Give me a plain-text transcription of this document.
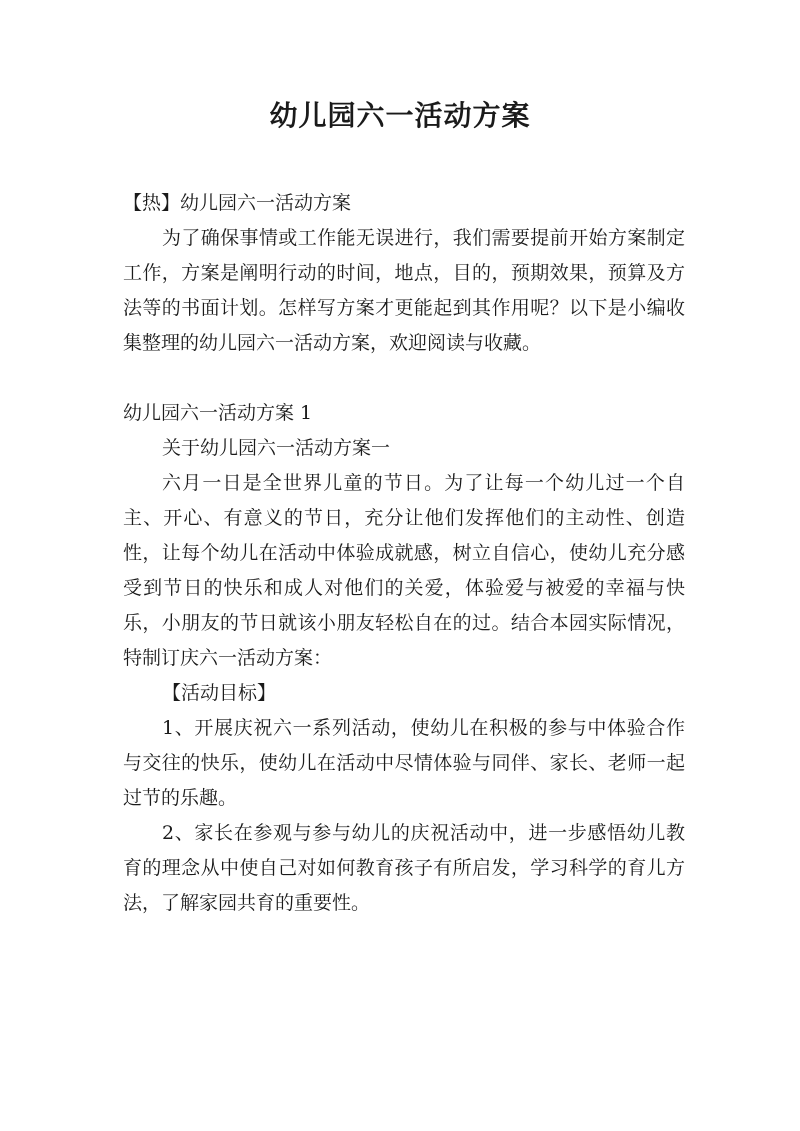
幼儿园六一活动方案

【热】幼儿园六一活动方案

为了确保事情或工作能无误进行，我们需要提前开始方案制定工作，方案是阐明行动的时间，地点，目的，预期效果，预算及方法等的书面计划。怎样写方案才更能起到其作用呢？以下是小编收集整理的幼儿园六一活动方案，欢迎阅读与收藏。

幼儿园六一活动方案 1

关于幼儿园六一活动方案一

六月一日是全世界儿童的节日。为了让每一个幼儿过一个自主、开心、有意义的节日，充分让他们发挥他们的主动性、创造性，让每个幼儿在活动中体验成就感，树立自信心，使幼儿充分感受到节日的快乐和成人对他们的关爱，体验爱与被爱的幸福与快乐，小朋友的节日就该小朋友轻松自在的过。结合本园实际情况，特制订庆六一活动方案：

【活动目标】

1、开展庆祝六一系列活动，使幼儿在积极的参与中体验合作与交往的快乐，使幼儿在活动中尽情体验与同伴、家长、老师一起过节的乐趣。

2、家长在参观与参与幼儿的庆祝活动中，进一步感悟幼儿教育的理念从中使自己对如何教育孩子有所启发，学习科学的育儿方法，了解家园共育的重要性。
